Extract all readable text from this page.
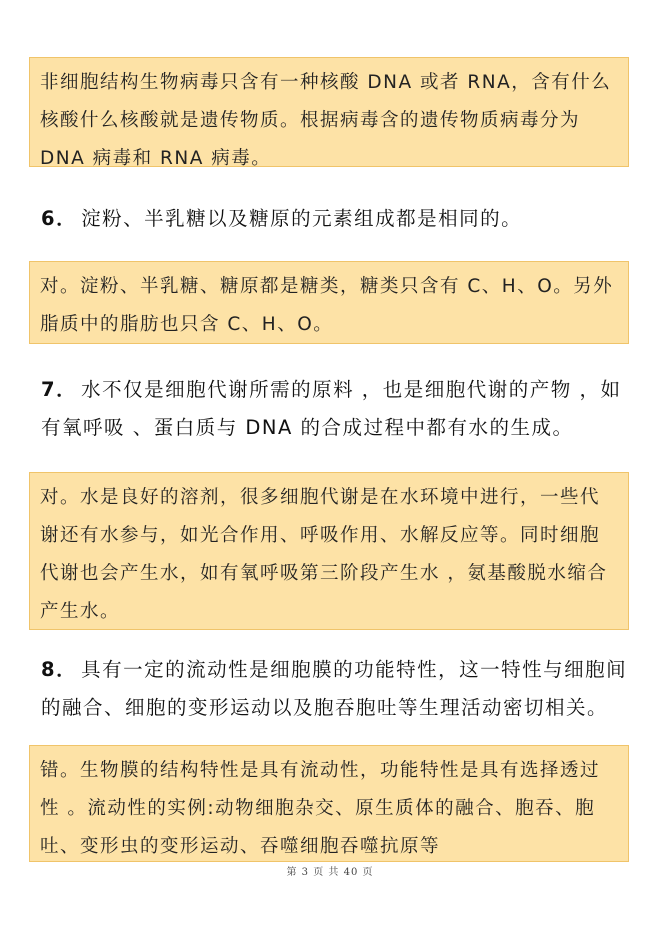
非细胞结构生物病毒只含有一种核酸 DNA 或者 RNA，含有什么核酸什么核酸就是遗传物质。根据病毒含的遗传物质病毒分为 DNA 病毒和 RNA 病毒。
6． 淀粉、半乳糖以及糖原的元素组成都是相同的。
对。淀粉、半乳糖、糖原都是糖类，糖类只含有 C、H、O。另外脂质中的脂肪也只含 C、H、O。
7． 水不仅是细胞代谢所需的原料 ，也是细胞代谢的产物 ，如有氧呼吸 、蛋白质与 DNA 的合成过程中都有水的生成。
对。水是良好的溶剂，很多细胞代谢是在水环境中进行，一些代谢还有水参与，如光合作用、呼吸作用、水解反应等。同时细胞代谢也会产生水，如有氧呼吸第三阶段产生水 ，氨基酸脱水缩合产生水。
8． 具有一定的流动性是细胞膜的功能特性，这一特性与细胞间的融合、细胞的变形运动以及胞吞胞吐等生理活动密切相关。
错。生物膜的结构特性是具有流动性，功能特性是具有选择透过性 。流动性的实例:动物细胞杂交、原生质体的融合、胞吞、胞吐、变形虫的变形运动、吞噬细胞吞噬抗原等
第 3 页 共 40 页
